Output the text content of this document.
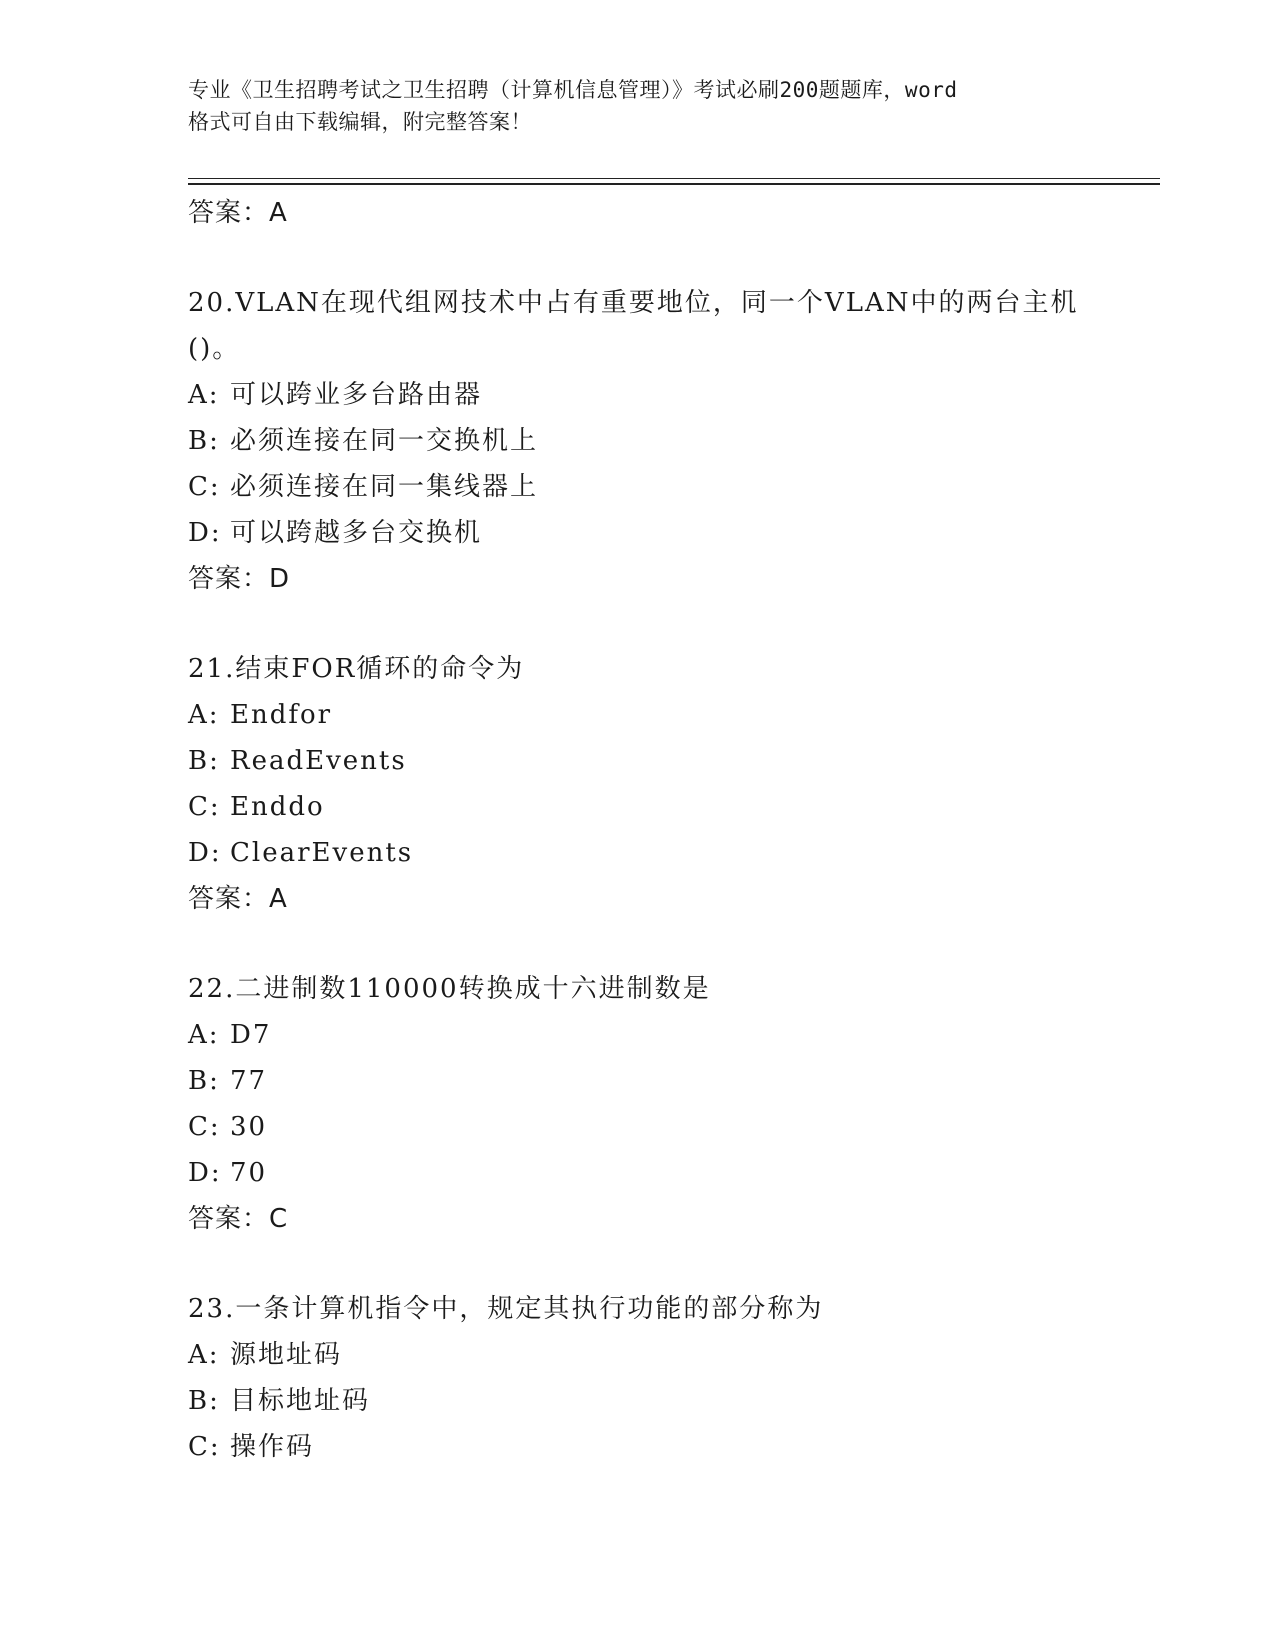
专业《卫生招聘考试之卫生招聘（计算机信息管理）》考试必刷200题题库，word
格式可自由下载编辑，附完整答案！
答案：A
20.VLAN在现代组网技术中占有重要地位，同一个VLAN中的两台主机
()。
A: 可以跨业多台路由器
B: 必须连接在同一交换机上
C: 必须连接在同一集线器上
D: 可以跨越多台交换机
答案：D
21.结束FOR循环的命令为
A: Endfor
B: ReadEvents
C: Enddo
D: ClearEvents
答案：A
22.二进制数110000转换成十六进制数是
A: D7
B: 77
C: 30
D: 70
答案：C
23.一条计算机指令中，规定其执行功能的部分称为
A: 源地址码
B: 目标地址码
C: 操作码
